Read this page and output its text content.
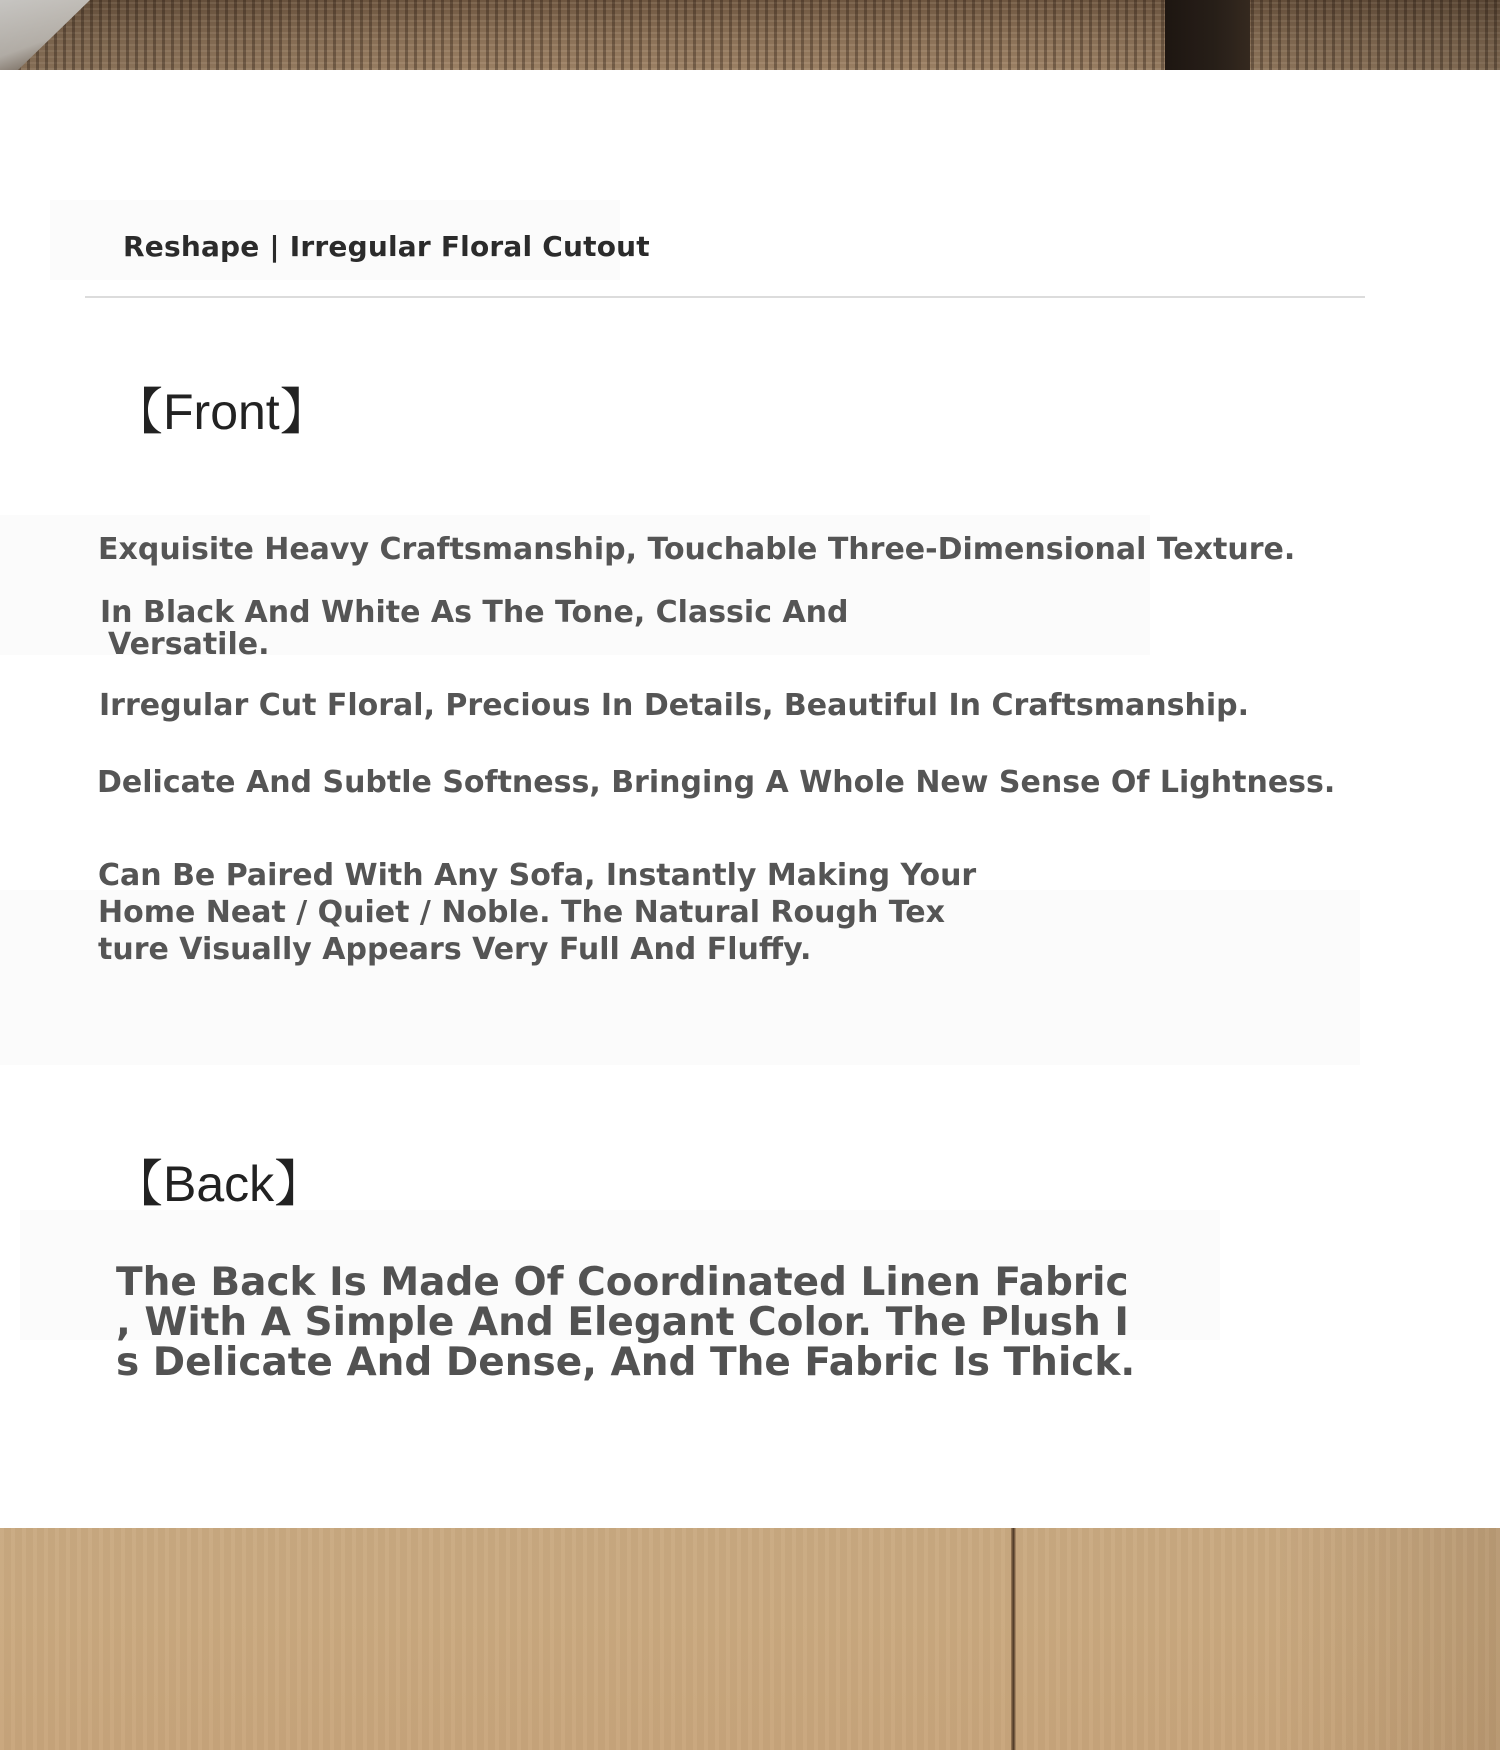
Reshape | Irregular Floral Cutout
【Front】
Exquisite Heavy Craftsmanship, Touchable Three-Dimensional Texture.
In Black And White As The Tone, Classic And
Versatile.
Irregular Cut Floral, Precious In Details, Beautiful In Craftsmanship.
Delicate And Subtle Softness, Bringing A Whole New Sense Of Lightness.
Can Be Paired With Any Sofa, Instantly Making Your
Home Neat / Quiet / Noble. The Natural Rough Tex
ture Visually Appears Very Full And Fluffy.
【Back】
The Back Is Made Of Coordinated Linen Fabric
, With A Simple And Elegant Color. The Plush I
s Delicate And Dense, And The Fabric Is Thick.
